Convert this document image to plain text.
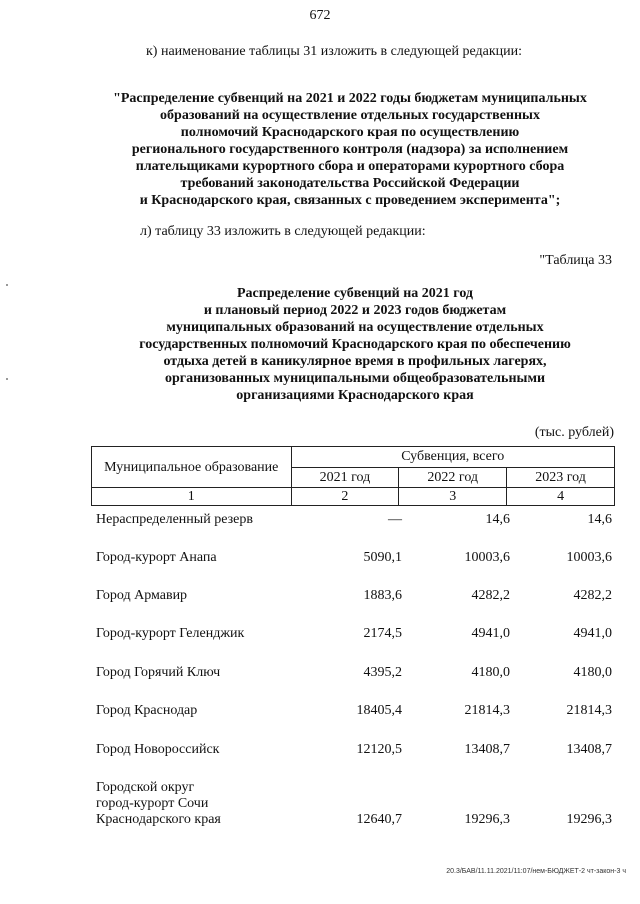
672
к) наименование таблицы 31 изложить в следующей редакции:
"Распределение субвенций на 2021 и 2022 годы бюджетам муниципальных
образований на осуществление отдельных государственных
полномочий Краснодарского края по осуществлению
регионального государственного контроля (надзора) за исполнением
плательщиками курортного сбора и операторами курортного сбора
требований законодательства Российской Федерации
и Краснодарского края, связанных с проведением эксперимента";
л) таблицу 33 изложить в следующей редакции:
"Таблица 33
Распределение субвенций на 2021 год
и плановый период 2022 и 2023 годов бюджетам
муниципальных образований на осуществление отдельных
государственных полномочий Краснодарского края по обеспечению
отдыха детей в каникулярное время в профильных лагерях,
организованных муниципальными общеобразовательными
организациями Краснодарского края
(тыс. рублей)
Муниципальное образование	Субвенция, всего		
	2021 год	2022 год	2023 год
1	2	3	4
Нераспределенный резерв	—	14,6	14,6
Город-курорт Анапа	5090,1	10003,6	10003,6
Город Армавир	1883,6	4282,2	4282,2
Город-курорт Геленджик	2174,5	4941,0	4941,0
Город Горячий Ключ	4395,2	4180,0	4180,0
Город Краснодар	18405,4	21814,3	21814,3
Город Новороссийск	12120,5	13408,7	13408,7
Городской округ
город-курорт Сочи
Краснодарского края	12640,7	19296,3	19296,3
20.3/БАВ/11.11.2021/11:07/нем-БЮДЖЕТ-2 чт-закон-3 ч
